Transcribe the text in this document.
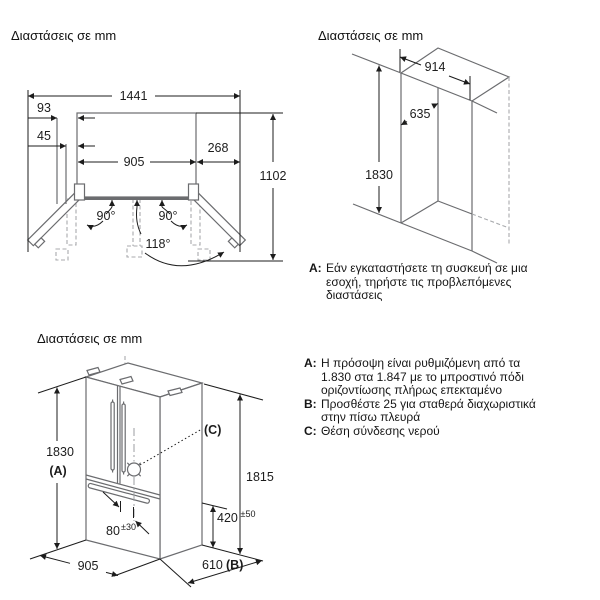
Διαστάσεις σε mm	Διαστάσεις σε mm
Διαστάσεις σε mm
1441
93
45
905
268
1102
90°	90°
118°
1830
914
635
A: Εάν εγκαταστήσετε τη συσκευή σε μια
εσοχή, τηρήστε τις προβλεπόμενες
διαστάσεις
(C)
1830
(A)	1815
905	610 (B)
420 ±50
80 ±30
A: Η πρόσοψη είναι ρυθμιζόμενη από τα
1.830 στα 1.847 με το μπροστινό πόδι
οριζοντίωσης πλήρως επεκταμένο
B: Προσθέστε 25 για σταθερά διαχωριστικά
στην πίσω πλευρά
C: Θέση σύνδεσης νερού
